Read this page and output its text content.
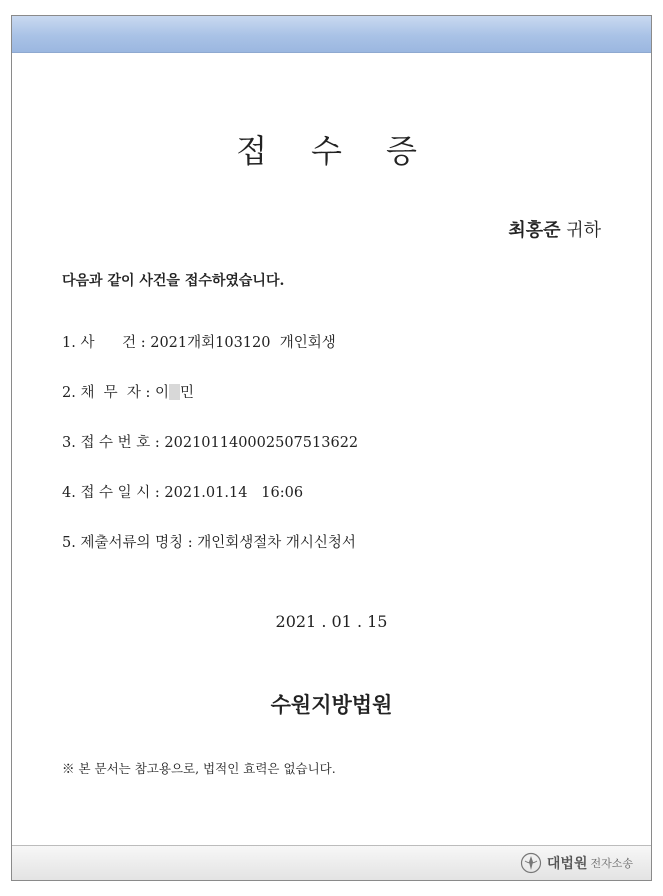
접 수 증
최홍준 귀하
다음과 같이 사건을 접수하였습니다.
1. 사      건 : 2021개회103120  개인회생
2. 채  무  자 : 이 민
3. 접 수 번 호 : 20210114000250751362​2
4. 접 수 일 시 : 2021.01.14   16:06
5. 제출서류의 명칭 : 개인회생절차 개시신청서
2021 . 01 . 15
수원지방법원
※ 본 문서는 참고용으로, 법적인 효력은 없습니다.
대법원 전자소송
